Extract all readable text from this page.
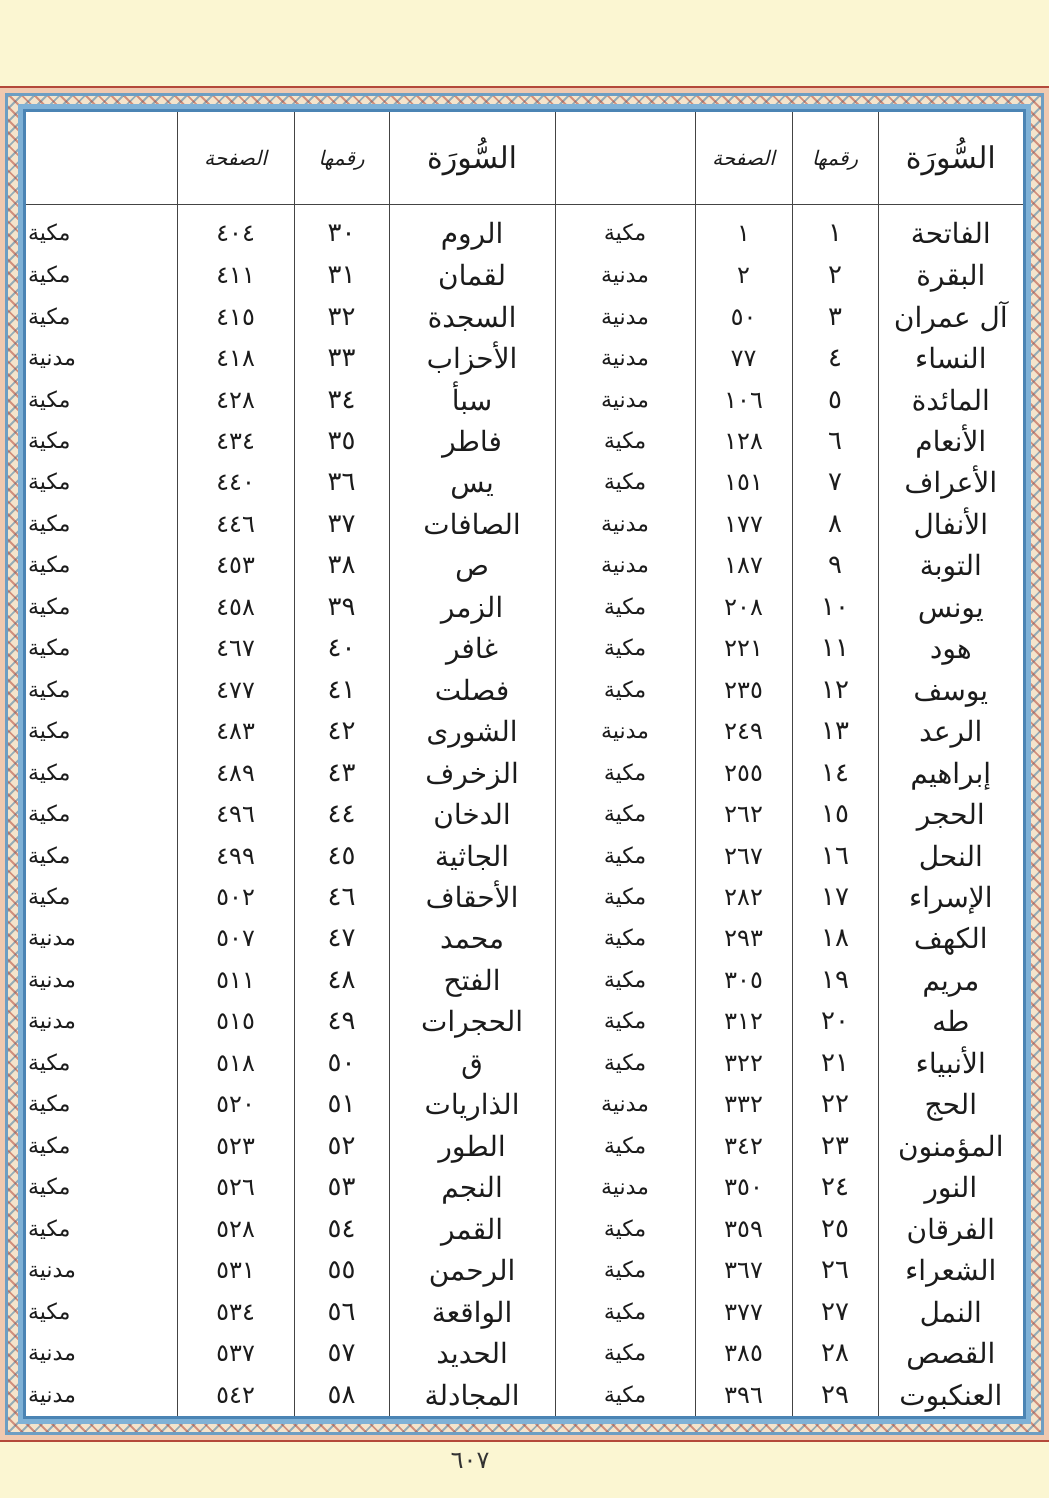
السُّورَة	رقمها	الصفحة		السُّورَة	رقمها	الصفحة	
الفاتحة	١	١	مكية	الروم	٣٠	٤٠٤	مكية
البقرة	٢	٢	مدنية	لقمان	٣١	٤١١	مكية
آل عمران	٣	٥٠	مدنية	السجدة	٣٢	٤١٥	مكية
النساء	٤	٧٧	مدنية	الأحزاب	٣٣	٤١٨	مدنية
المائدة	٥	١٠٦	مدنية	سبأ	٣٤	٤٢٨	مكية
الأنعام	٦	١٢٨	مكية	فاطر	٣٥	٤٣٤	مكية
الأعراف	٧	١٥١	مكية	يس	٣٦	٤٤٠	مكية
الأنفال	٨	١٧٧	مدنية	الصافات	٣٧	٤٤٦	مكية
التوبة	٩	١٨٧	مدنية	ص	٣٨	٤٥٣	مكية
يونس	١٠	٢٠٨	مكية	الزمر	٣٩	٤٥٨	مكية
هود	١١	٢٢١	مكية	غافر	٤٠	٤٦٧	مكية
يوسف	١٢	٢٣٥	مكية	فصلت	٤١	٤٧٧	مكية
الرعد	١٣	٢٤٩	مدنية	الشورى	٤٢	٤٨٣	مكية
إبراهيم	١٤	٢٥٥	مكية	الزخرف	٤٣	٤٨٩	مكية
الحجر	١٥	٢٦٢	مكية	الدخان	٤٤	٤٩٦	مكية
النحل	١٦	٢٦٧	مكية	الجاثية	٤٥	٤٩٩	مكية
الإسراء	١٧	٢٨٢	مكية	الأحقاف	٤٦	٥٠٢	مكية
الكهف	١٨	٢٩٣	مكية	محمد	٤٧	٥٠٧	مدنية
مريم	١٩	٣٠٥	مكية	الفتح	٤٨	٥١١	مدنية
طه	٢٠	٣١٢	مكية	الحجرات	٤٩	٥١٥	مدنية
الأنبياء	٢١	٣٢٢	مكية	ق	٥٠	٥١٨	مكية
الحج	٢٢	٣٣٢	مدنية	الذاريات	٥١	٥٢٠	مكية
المؤمنون	٢٣	٣٤٢	مكية	الطور	٥٢	٥٢٣	مكية
النور	٢٤	٣٥٠	مدنية	النجم	٥٣	٥٢٦	مكية
الفرقان	٢٥	٣٥٩	مكية	القمر	٥٤	٥٢٨	مكية
الشعراء	٢٦	٣٦٧	مكية	الرحمن	٥٥	٥٣١	مدنية
النمل	٢٧	٣٧٧	مكية	الواقعة	٥٦	٥٣٤	مكية
القصص	٢٨	٣٨٥	مكية	الحديد	٥٧	٥٣٧	مدنية
العنكبوت	٢٩	٣٩٦	مكية	المجادلة	٥٨	٥٤٢	مدنية
٦٠٧
